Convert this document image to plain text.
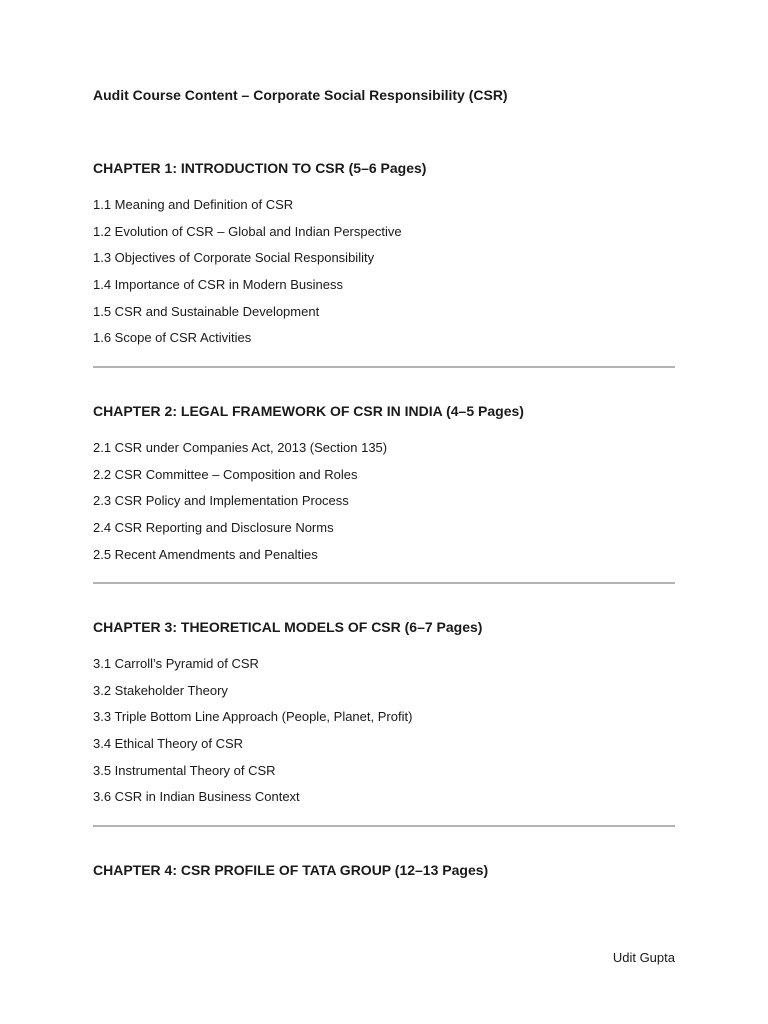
Audit Course Content – Corporate Social Responsibility (CSR)
CHAPTER 1: INTRODUCTION TO CSR (5–6 Pages)
1.1 Meaning and Definition of CSR
1.2 Evolution of CSR – Global and Indian Perspective
1.3 Objectives of Corporate Social Responsibility
1.4 Importance of CSR in Modern Business
1.5 CSR and Sustainable Development
1.6 Scope of CSR Activities
CHAPTER 2: LEGAL FRAMEWORK OF CSR IN INDIA (4–5 Pages)
2.1 CSR under Companies Act, 2013 (Section 135)
2.2 CSR Committee – Composition and Roles
2.3 CSR Policy and Implementation Process
2.4 CSR Reporting and Disclosure Norms
2.5 Recent Amendments and Penalties
CHAPTER 3: THEORETICAL MODELS OF CSR (6–7 Pages)
3.1 Carroll’s Pyramid of CSR
3.2 Stakeholder Theory
3.3 Triple Bottom Line Approach (People, Planet, Profit)
3.4 Ethical Theory of CSR
3.5 Instrumental Theory of CSR
3.6 CSR in Indian Business Context
CHAPTER 4: CSR PROFILE OF TATA GROUP (12–13 Pages)
Udit Gupta
